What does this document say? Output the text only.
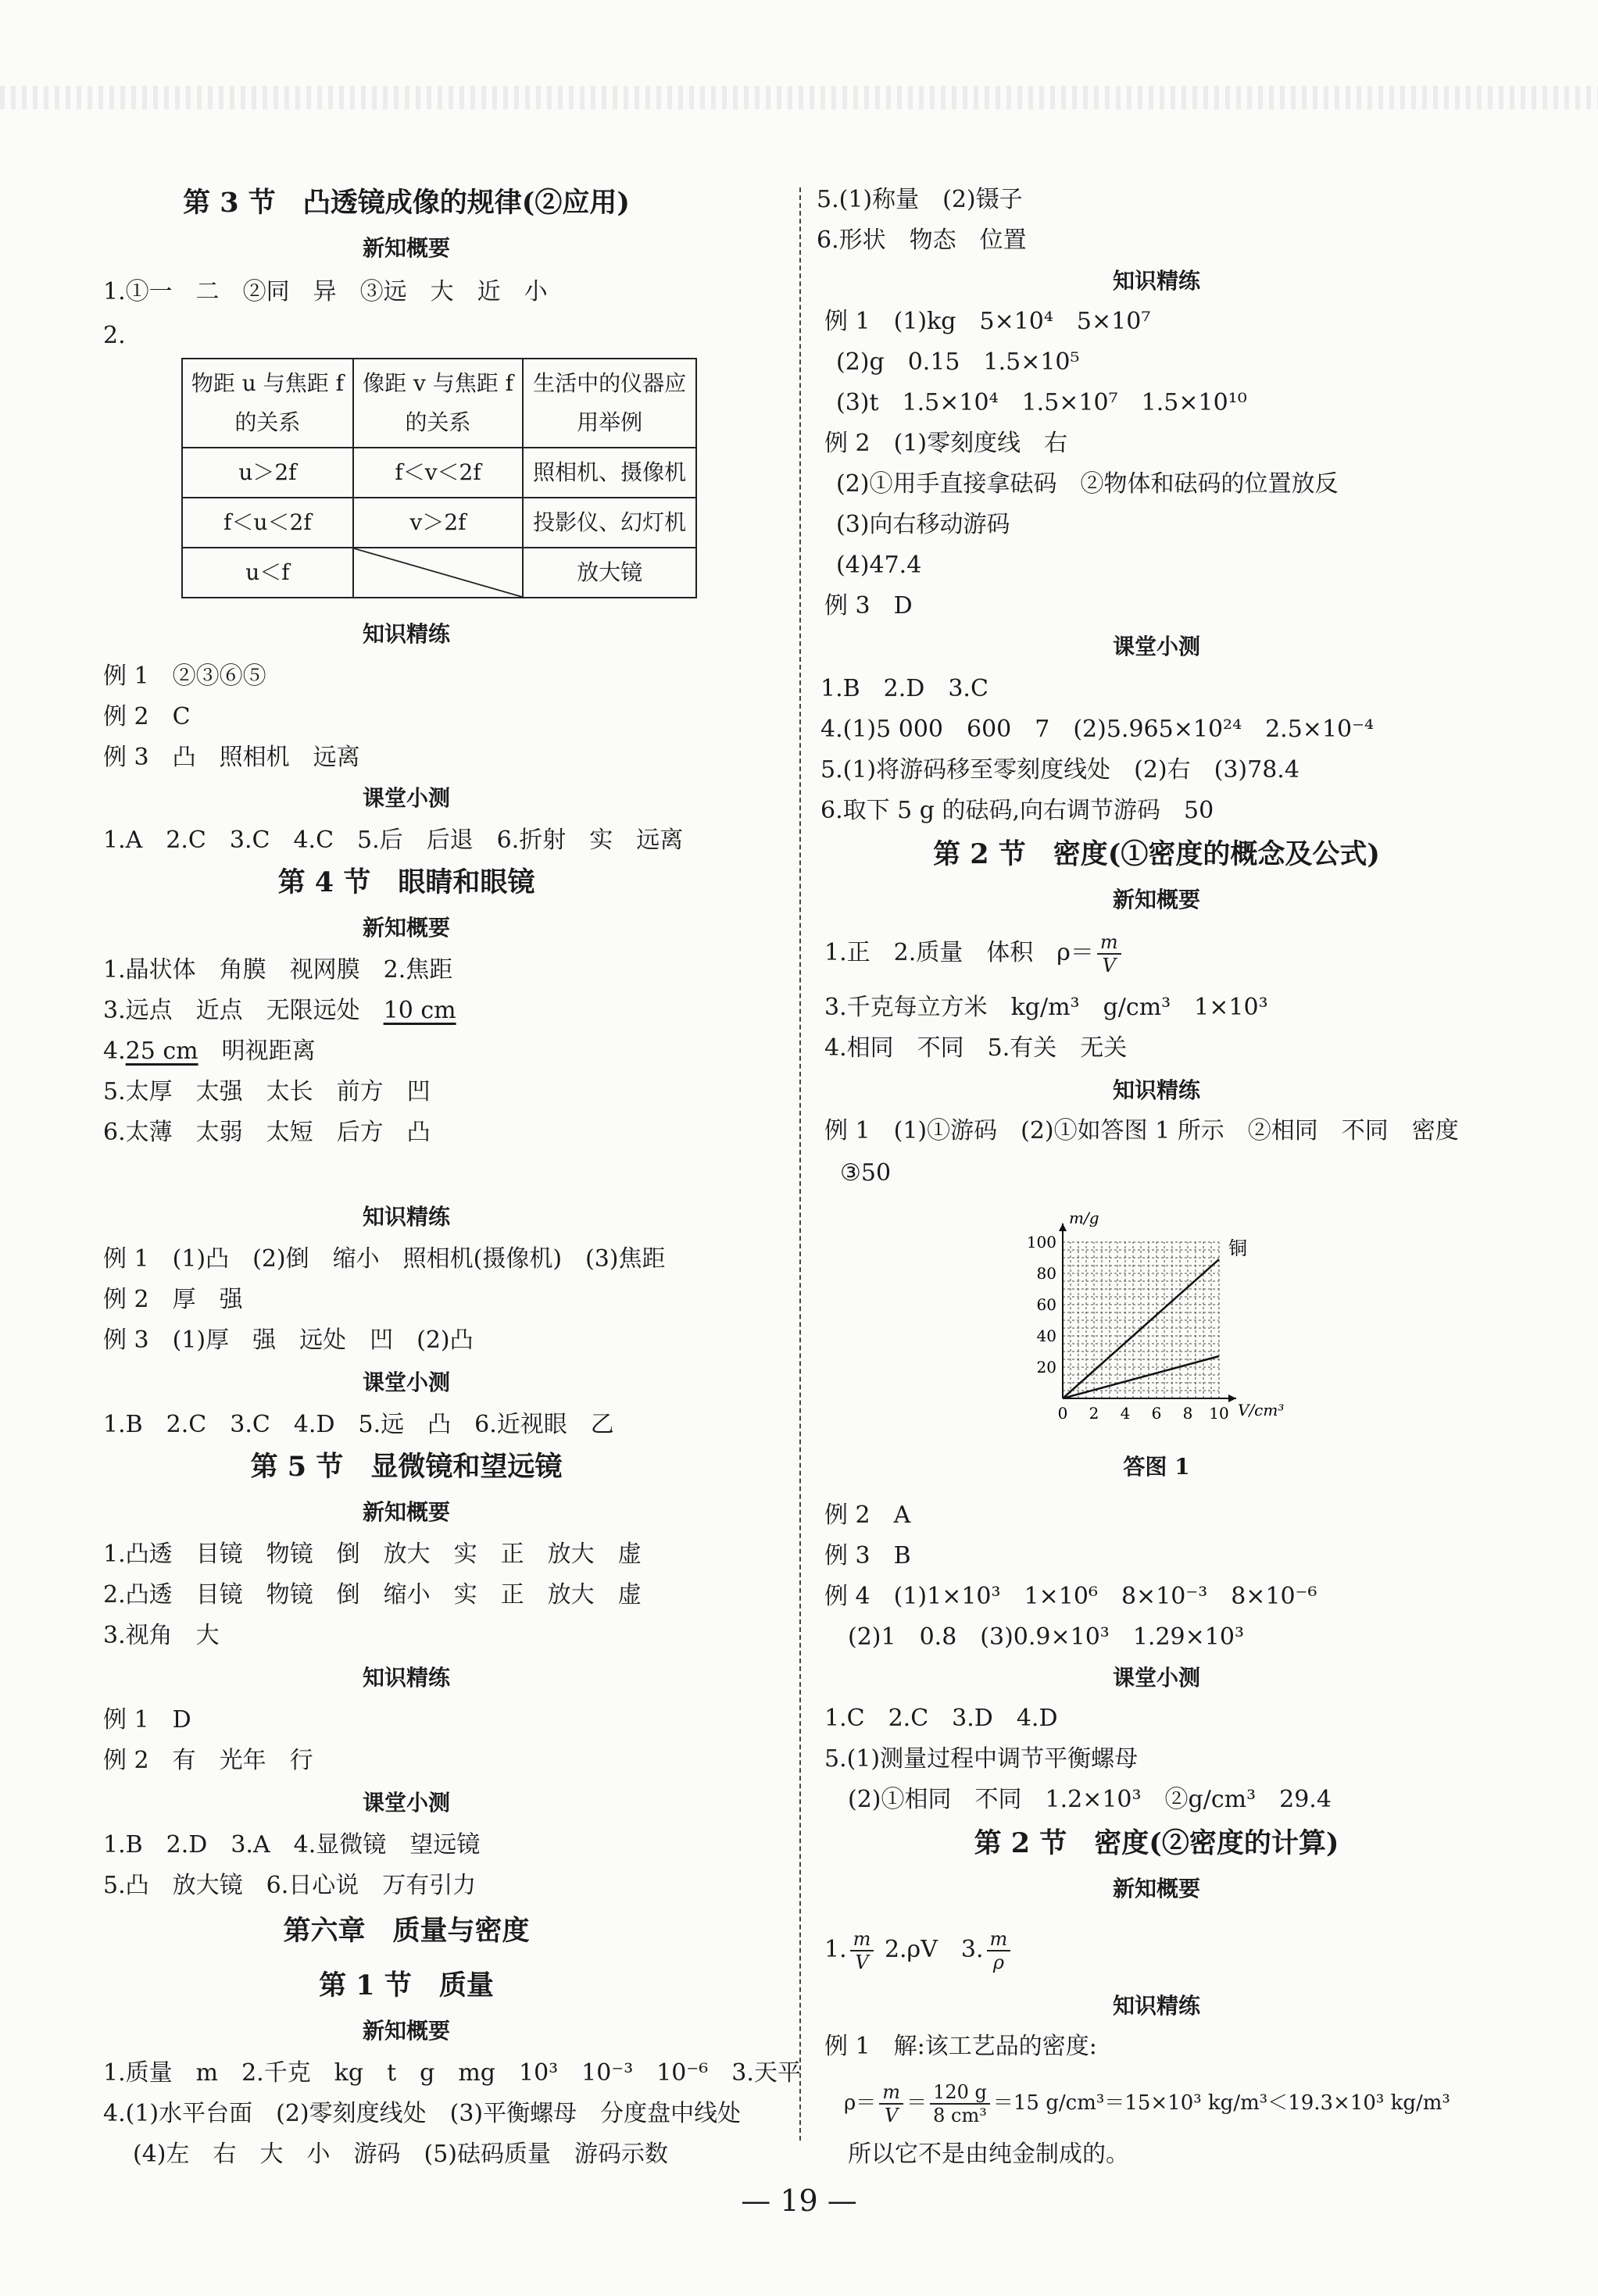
第 3 节　凸透镜成像的规律(②应用)
新知概要
1.①一　二　②同　异　③远　大　近　小
2.
物距 u 与焦距 f 的关系	像距 v 与焦距 f 的关系	生活中的仪器应用举例
u＞2f	f＜v＜2f	照相机、摄像机
f＜u＜2f	v＞2f	投影仪、幻灯机
u＜f		放大镜
知识精练
例 1　②③⑥⑤
例 2　C
例 3　凸　照相机　远离
课堂小测
1.A　2.C　3.C　4.C　5.后　后退　6.折射　实　远离
第 4 节　眼睛和眼镜
新知概要
1.晶状体　角膜　视网膜　2.焦距
3.远点　近点　无限远处　10 cm
4.25 cm　明视距离
5.太厚　太强　太长　前方　凹
6.太薄　太弱　太短　后方　凸
知识精练
例 1　(1)凸　(2)倒　缩小　照相机(摄像机)　(3)焦距
例 2　厚　强
例 3　(1)厚　强　远处　凹　(2)凸
课堂小测
1.B　2.C　3.C　4.D　5.远　凸　6.近视眼　乙
第 5 节　显微镜和望远镜
新知概要
1.凸透　目镜　物镜　倒　放大　实　正　放大　虚
2.凸透　目镜　物镜　倒　缩小　实　正　放大　虚
3.视角　大
知识精练
例 1　D
例 2　有　光年　行
课堂小测
1.B　2.D　3.A　4.显微镜　望远镜
5.凸　放大镜　6.日心说　万有引力
第六章　质量与密度
第 1 节　质量
新知概要
1.质量　m　2.千克　kg　t　g　mg　10³　10⁻³　10⁻⁶　3.天平
4.(1)水平台面　(2)零刻度线处　(3)平衡螺母　分度盘中线处
(4)左　右　大　小　游码　(5)砝码质量　游码示数
5.(1)称量　(2)镊子
6.形状　物态　位置
知识精练
例 1　(1)kg　5×10⁴　5×10⁷
(2)g　0.15　1.5×10⁵
(3)t　1.5×10⁴　1.5×10⁷　1.5×10¹⁰
例 2　(1)零刻度线　右
(2)①用手直接拿砝码　②物体和砝码的位置放反
(3)向右移动游码
(4)47.4
例 3　D
课堂小测
1.B　2.D　3.C
4.(1)5 000　600　7　(2)5.965×10²⁴　2.5×10⁻⁴
5.(1)将游码移至零刻度线处　(2)右　(3)78.4
6.取下 5 g 的砝码,向右调节游码　50
第 2 节　密度(①密度的概念及公式)
新知概要
1.正　2.质量　体积　$\rho= \frac{m}{V}$
3.千克每立方米　kg/m³　g/cm³　1×10³
4.相同　不同　5.有关　无关
知识精练
例 1　(1)①游码　(2)①如答图 1 所示　②相同　不同　密度
③50
0 2 4 6 8 10
20
40
60
80
100
V/cm³
m/g
铜
答图 1
例 2　A
例 3　B
例 4　(1)1×10³　1×10⁶　8×10⁻³　8×10⁻⁶
(2)1　0.8　(3)0.9×10³　1.29×10³
课堂小测
1.C　2.C　3.D　4.D
5.(1)测量过程中调节平衡螺母
(2)①相同　不同　1.2×10³　②g/cm³　29.4
第 2 节　密度(②密度的计算)
新知概要
1. $\frac{m}{V} 2.\rho V$　3. $\frac{m}{\rho}$
知识精练
例 1　解:该工艺品的密度:
$\rho= \frac{m}{V} = \frac{120 g}{\text{8 cm³}} =15$ g/cm³＝15×10³ kg/m³＜19.3×10³ kg/m³
所以它不是由纯金制成的。
— 19 —
